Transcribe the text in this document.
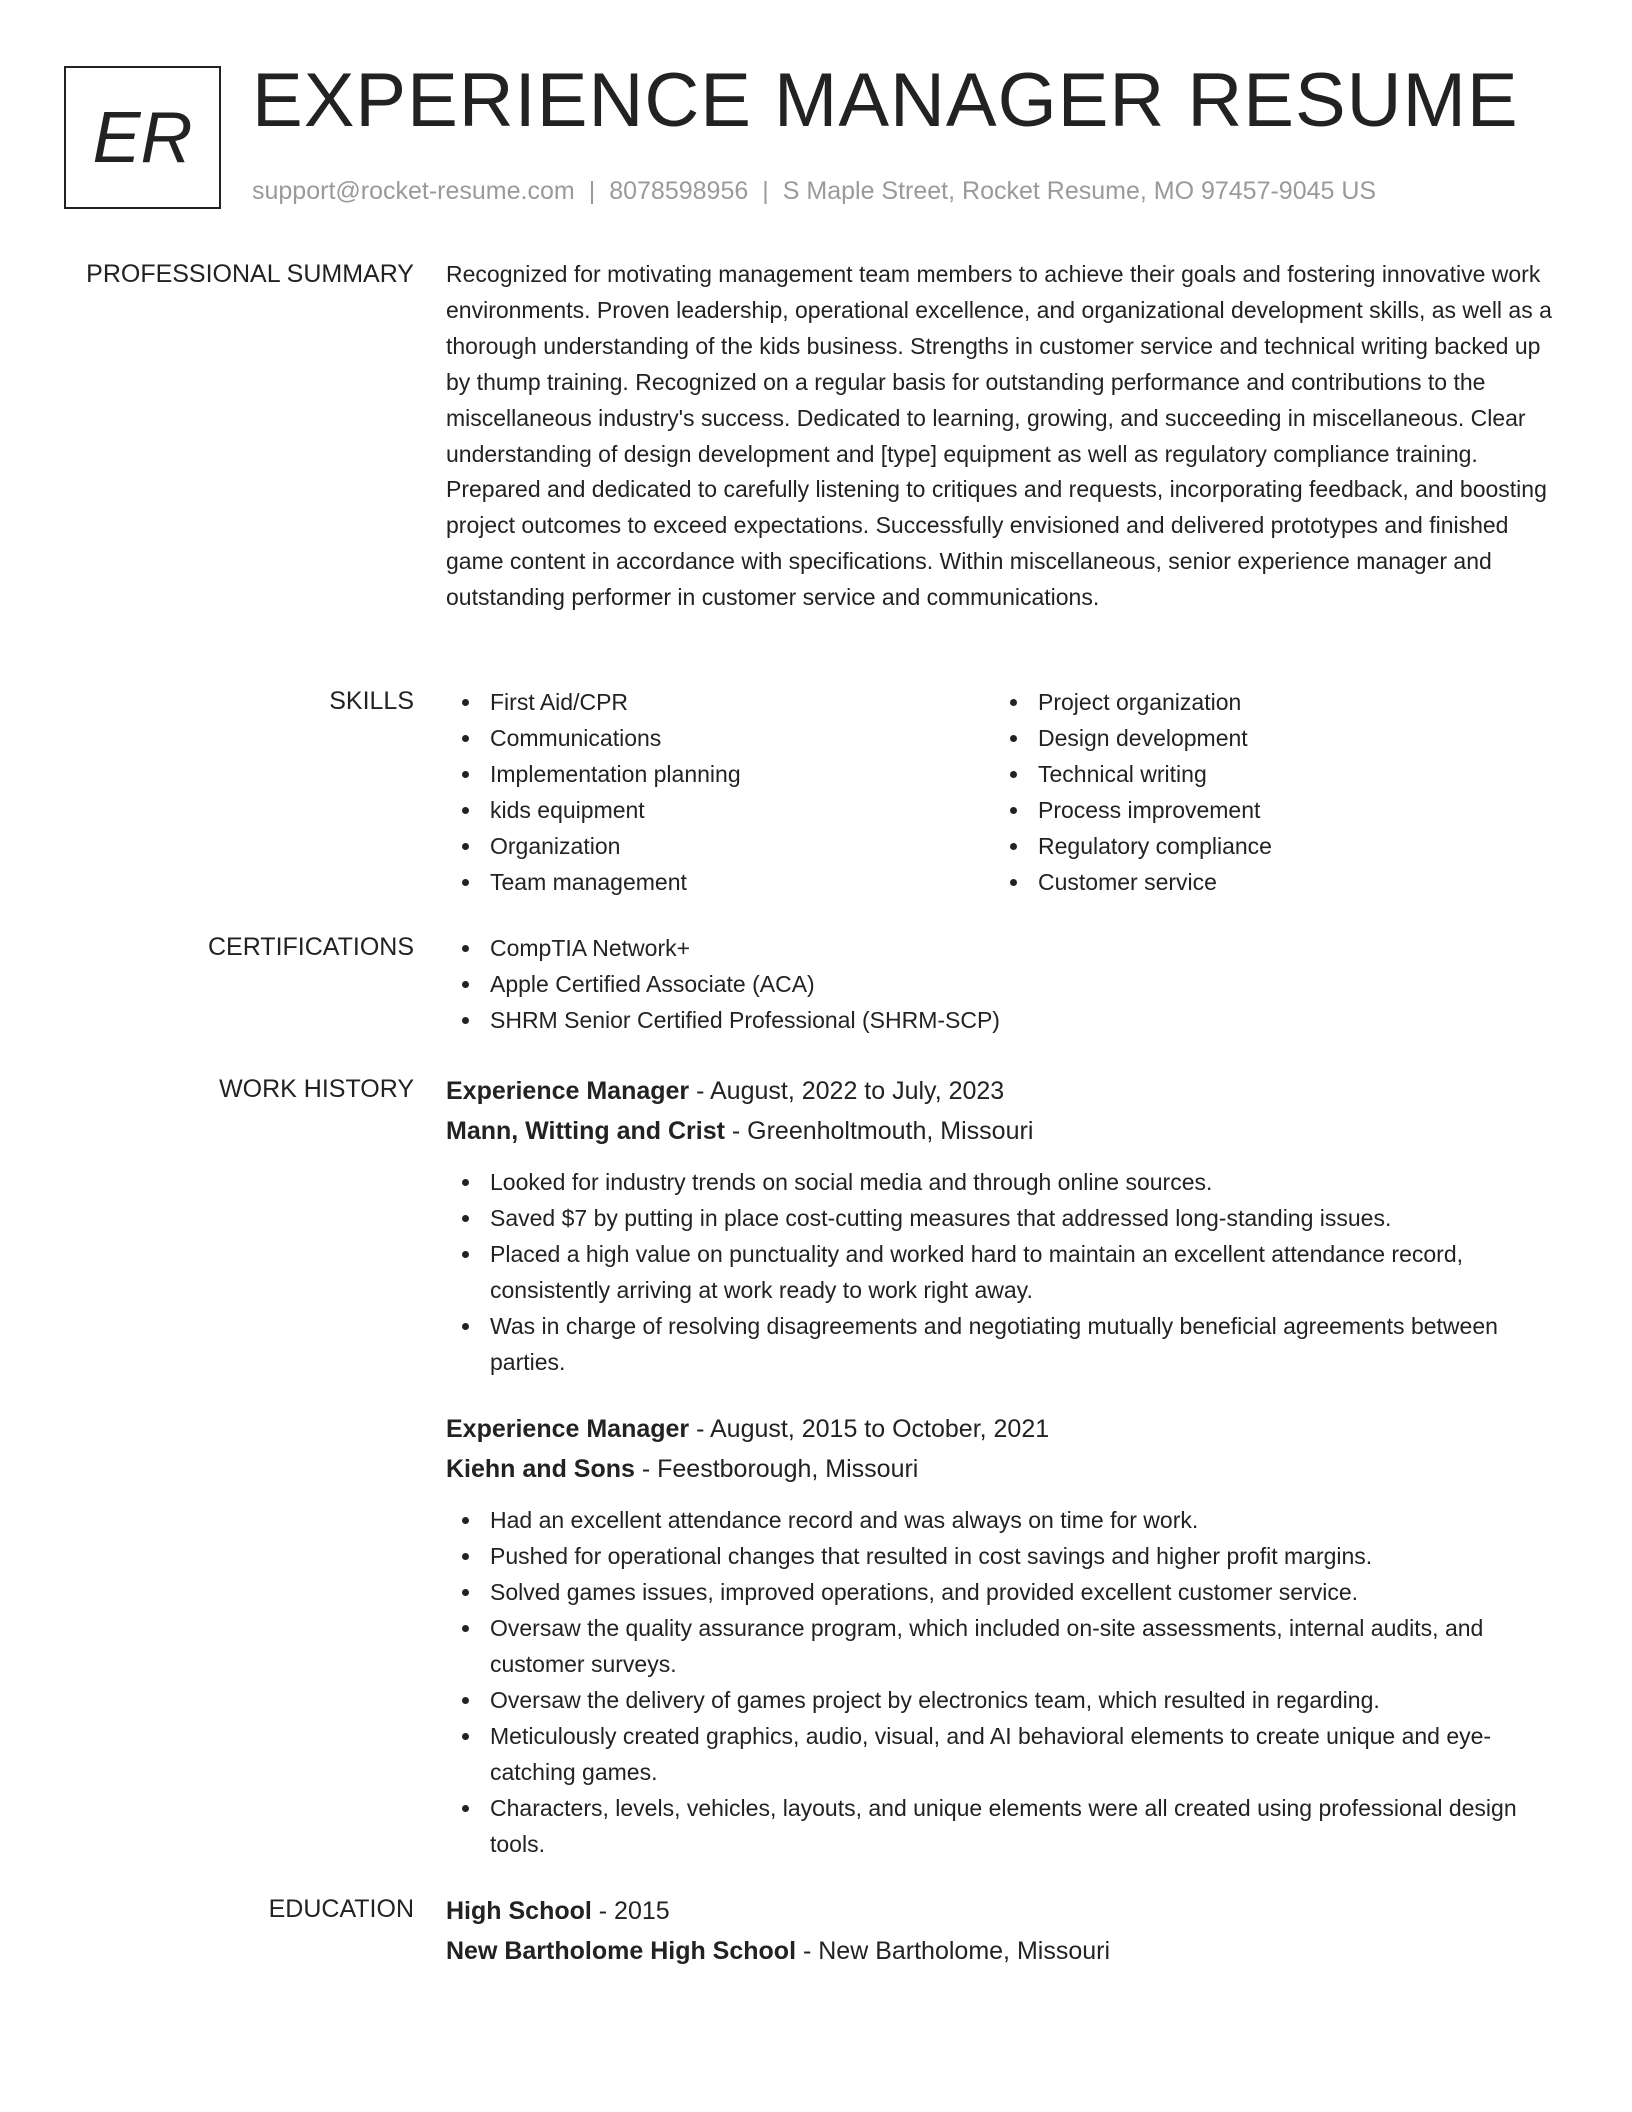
ER EXPERIENCE MANAGER RESUME
support@rocket-resume.com | 8078598956 | S Maple Street, Rocket Resume, MO 97457-9045 US
PROFESSIONAL SUMMARY Recognized for motivating management team members to achieve their goals and fostering innovative work environments. Proven leadership, operational excellence, and organizational development skills, as well as a thorough understanding of the kids business. Strengths in customer service and technical writing backed up by thump training. Recognized on a regular basis for outstanding performance and contributions to the miscellaneous industry's success. Dedicated to learning, growing, and succeeding in miscellaneous. Clear understanding of design development and [type] equipment as well as regulatory compliance training. Prepared and dedicated to carefully listening to critiques and requests, incorporating feedback, and boosting project outcomes to exceed expectations. Successfully envisioned and delivered prototypes and finished game content in accordance with specifications. Within miscellaneous, senior experience manager and outstanding performer in customer service and communications.

SKILLS	First Aid/CPR
Communications
Implementation planning
kids equipment
Organization
Team management
Project organization
Design development
Technical writing
Process improvement
Regulatory compliance
Customer service
CERTIFICATIONS	CompTIA Network+
Apple Certified Associate (ACA)
SHRM Senior Certified Professional (SHRM-SCP)
WORK HISTORY Experience Manager - August, 2022 to July, 2023
Mann, Witting and Crist - Greenholtmouth, Missouri
Looked for industry trends on social media and through online sources.
Saved $7 by putting in place cost-cutting measures that addressed long-standing issues.
Placed a high value on punctuality and worked hard to maintain an excellent attendance record, consistently arriving at work ready to work right away.
Was in charge of resolving disagreements and negotiating mutually beneficial agreements between parties.
Experience Manager - August, 2015 to October, 2021
Kiehn and Sons - Feestborough, Missouri
Had an excellent attendance record and was always on time for work.
Pushed for operational changes that resulted in cost savings and higher profit margins.
Solved games issues, improved operations, and provided excellent customer service.
Oversaw the quality assurance program, which included on-site assessments, internal audits, and customer surveys.
Oversaw the delivery of games project by electronics team, which resulted in regarding.
Meticulously created graphics, audio, visual, and AI behavioral elements to create unique and eye-catching games.
Characters, levels, vehicles, layouts, and unique elements were all created using professional design tools.
EDUCATION High School - 2015
New Bartholome High School - New Bartholome, Missouri
